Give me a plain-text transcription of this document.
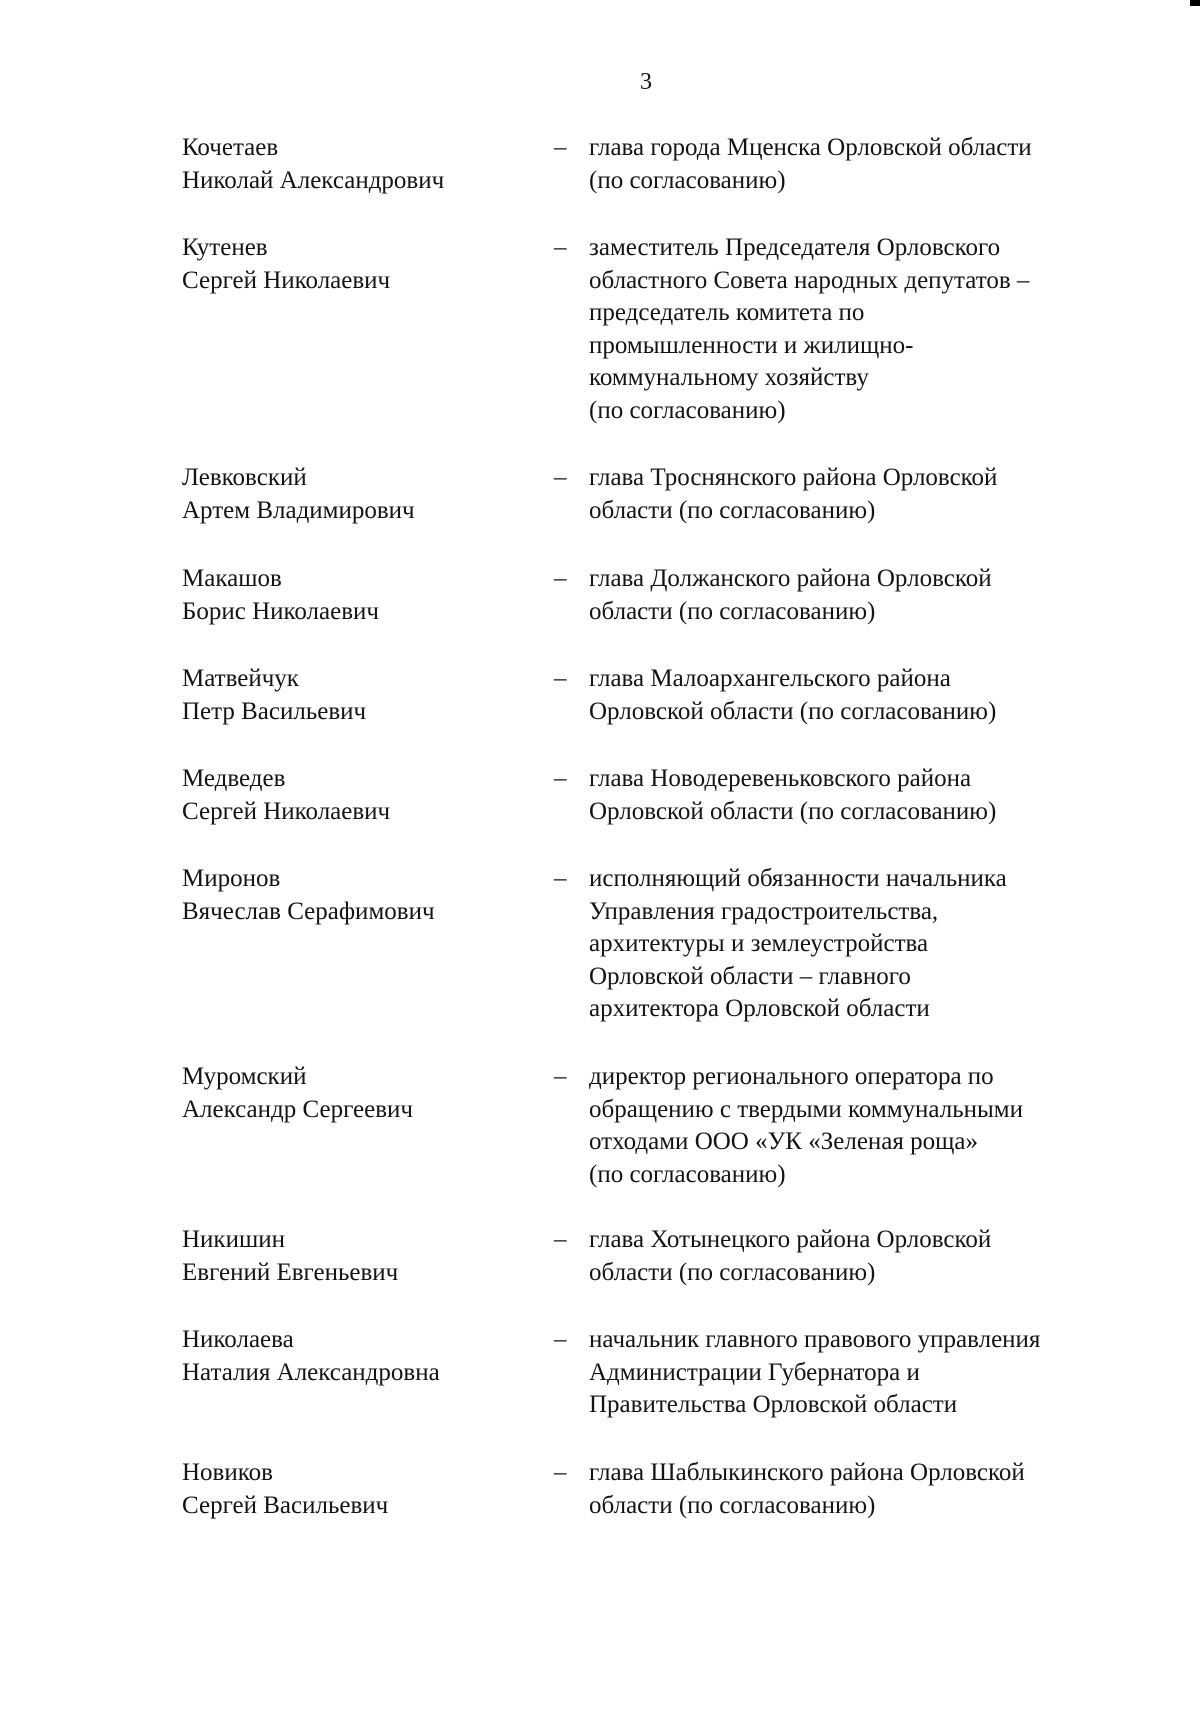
3
Кочетаев
Николай Александрович
– глава города Мценска Орловской области
(по согласованию)
Кутенев
Сергей Николаевич
– заместитель Председателя Орловского
областного Совета народных депутатов –
председатель комитета по
промышленности и жилищно-
коммунальному хозяйству
(по согласованию)
Левковский
Артем Владимирович
– глава Троснянского района Орловской
области (по согласованию)
Макашов
Борис Николаевич
– глава Должанского района Орловской
области (по согласованию)
Матвейчук
Петр Васильевич
– глава Малоархангельского района
Орловской области (по согласованию)
Медведев
Сергей Николаевич
– глава Новодеревеньковского района
Орловской области (по согласованию)
Миронов
Вячеслав Серафимович
– исполняющий обязанности начальника
Управления градостроительства,
архитектуры и землеустройства
Орловской области – главного
архитектора Орловской области
Муромский
Александр Сергеевич
– директор регионального оператора по
обращению с твердыми коммунальными
отходами ООО «УК «Зеленая роща»
(по согласованию)
Никишин
Евгений Евгеньевич
– глава Хотынецкого района Орловской
области (по согласованию)
Николаева
Наталия Александровна
– начальник главного правового управления
Администрации Губернатора и
Правительства Орловской области
Новиков
Сергей Васильевич
– глава Шаблыкинского района Орловской
области (по согласованию)
